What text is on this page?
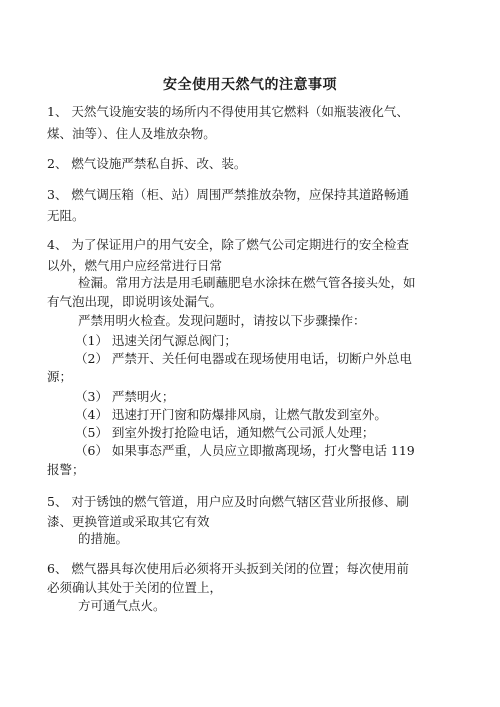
安全使用天然气的注意事项
1、 天然气设施安装的场所内不得使用其它燃料（如瓶装液化气、
煤、油等）、住人及堆放杂物。
2、 燃气设施严禁私自拆、改、装。
3、 燃气调压箱（柜、站）周围严禁推放杂物，应保持其道路畅通
无阻。
4、 为了保证用户的用气安全，除了燃气公司定期进行的安全检查
以外，燃气用户应经常进行日常
检漏。常用方法是用毛刷蘸肥皂水涂抹在燃气管各接头处，如
有气泡出现，即说明该处漏气。
严禁用明火检查。发现问题时，请按以下步骤操作：
（1） 迅速关闭气源总阀门；
（2） 严禁开、关任何电器或在现场使用电话，切断户外总电
源；
（3） 严禁明火；
（4） 迅速打开门窗和防爆排风扇，让燃气散发到室外。
（5） 到室外拨打抢险电话，通知燃气公司派人处理；
（6） 如果事态严重，人员应立即撤离现场，打火警电话 119
报警；
5、 对于锈蚀的燃气管道，用户应及时向燃气辖区营业所报修、刷
漆、更换管道或采取其它有效
的措施。
6、 燃气器具每次使用后必须将开头扳到关闭的位置；每次使用前
必须确认其处于关闭的位置上，
方可通气点火。
